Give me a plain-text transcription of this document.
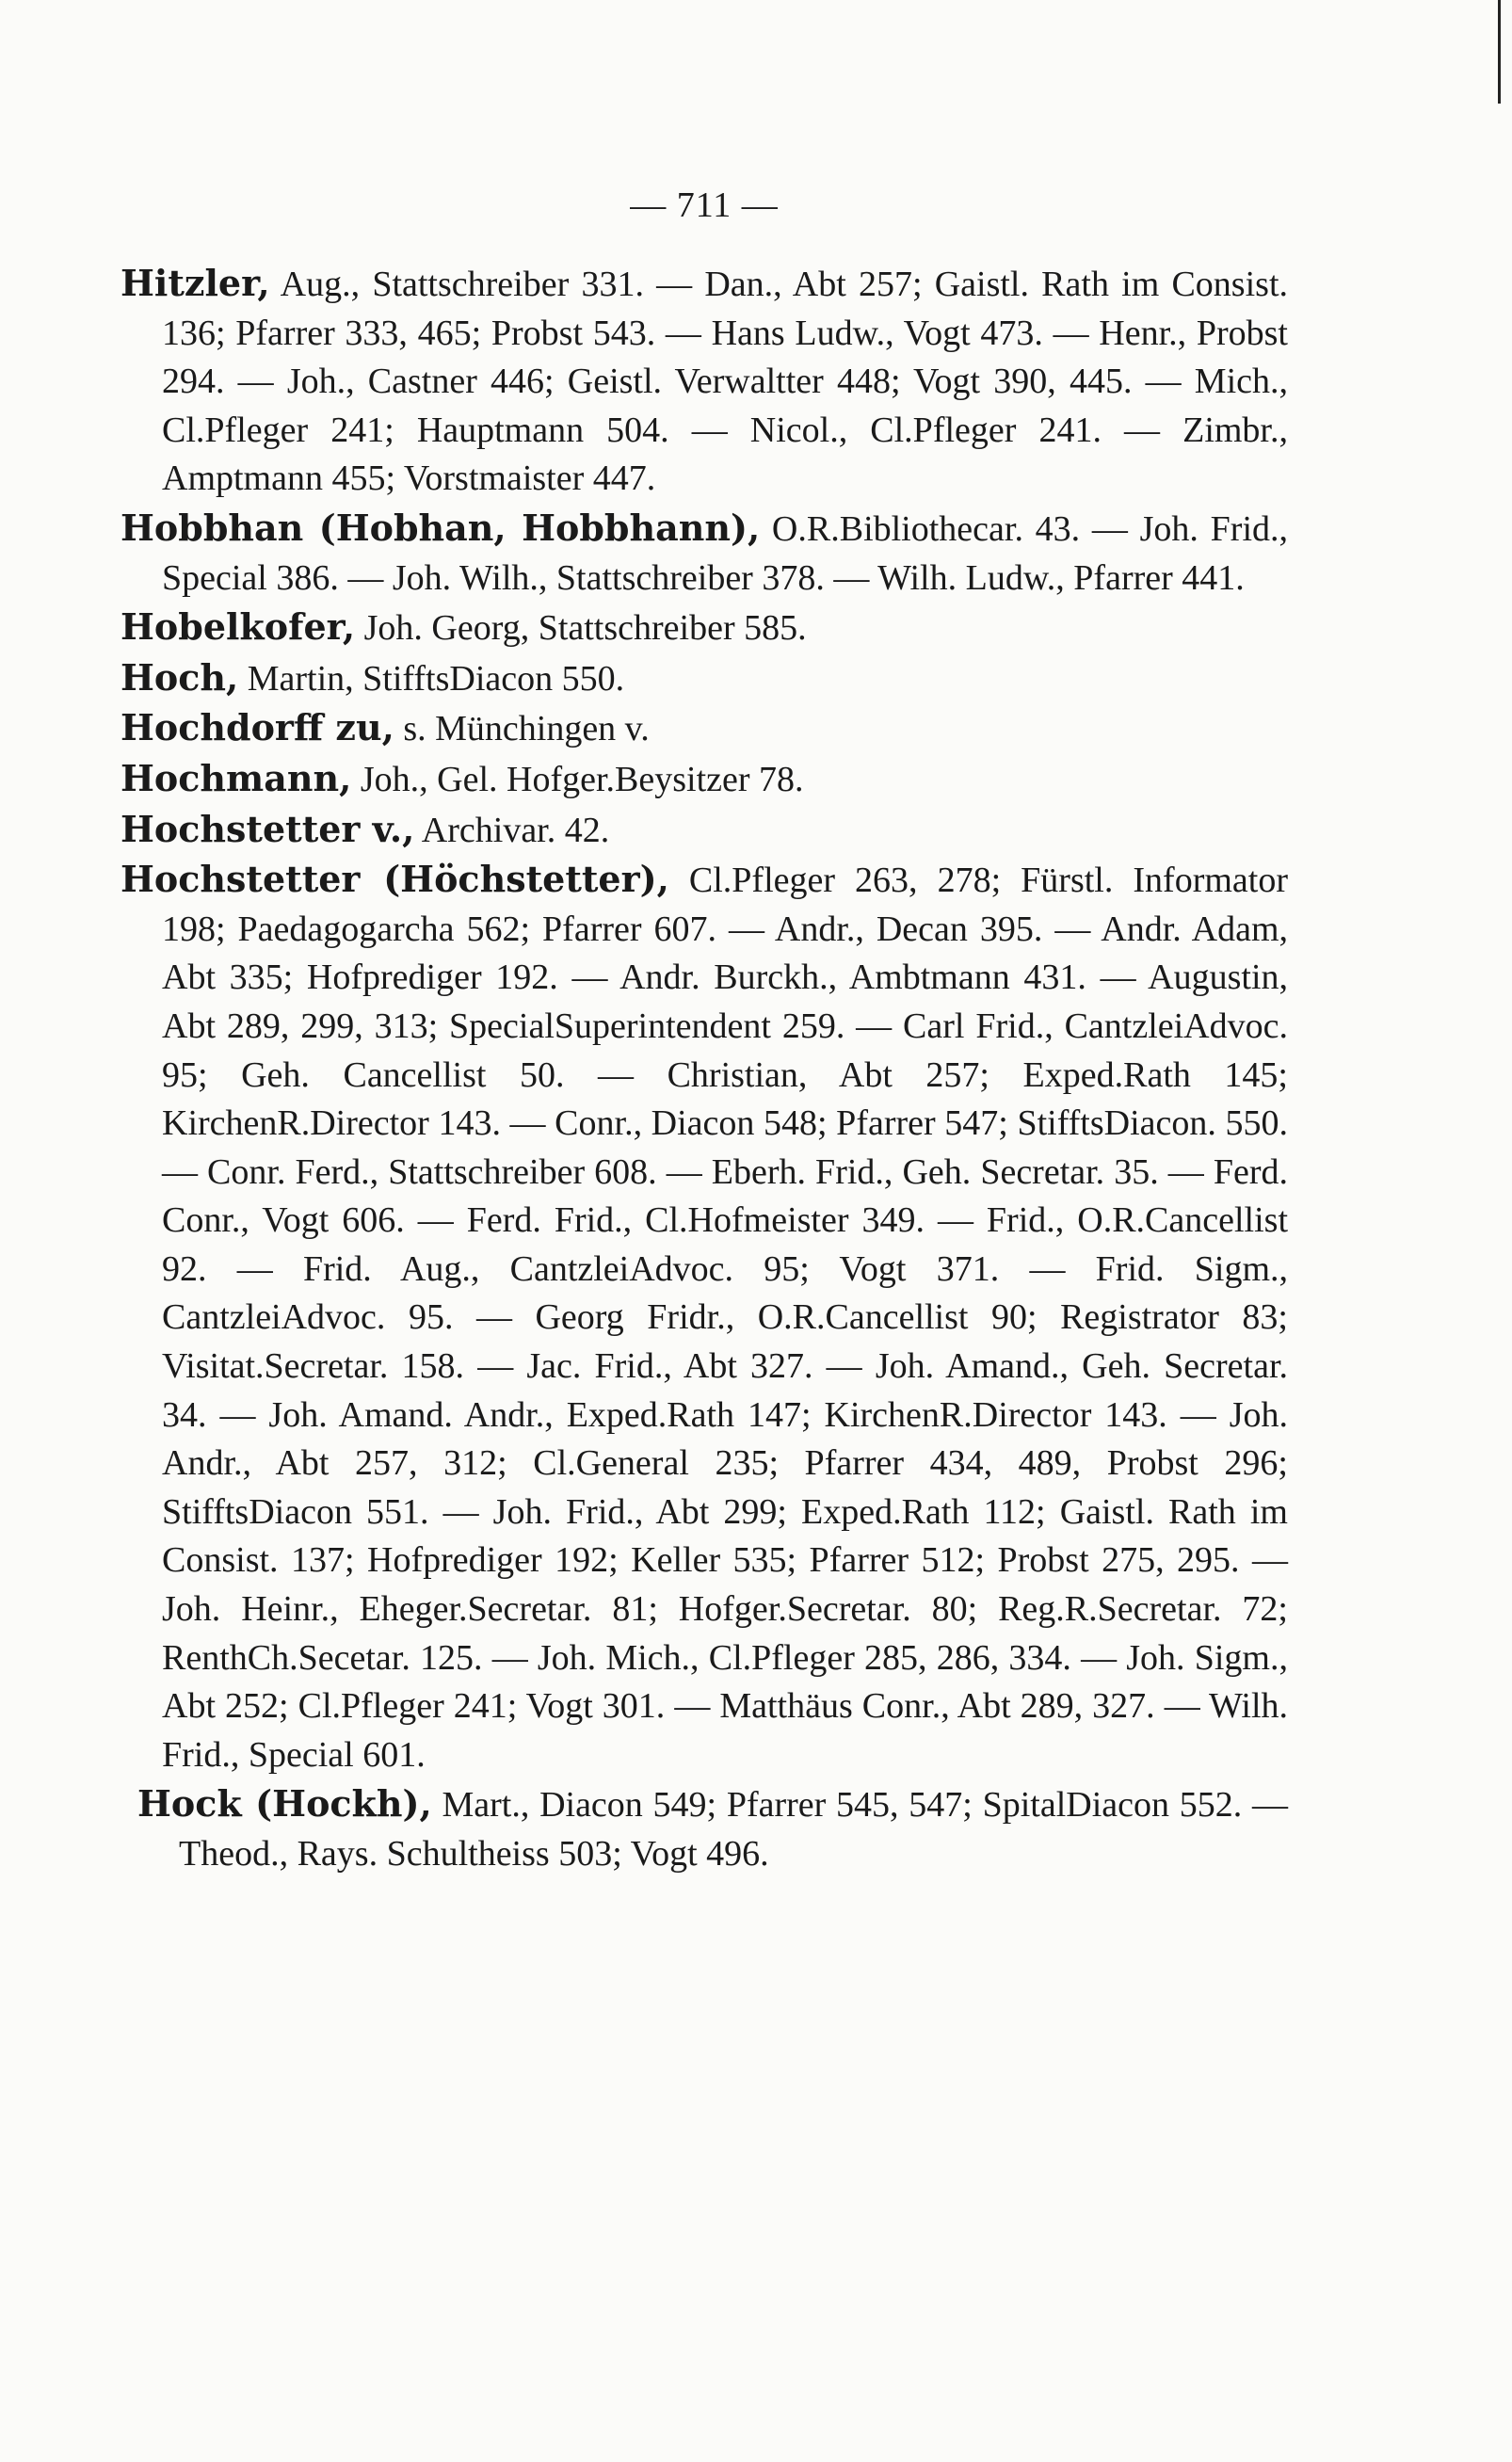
— 711 —

Hitzler, Aug., Stattschreiber 331. — Dan., Abt 257; Gaistl. Rath im Consist. 136; Pfarrer 333, 465; Probst 543. — Hans Ludw., Vogt 473. — Henr., Probst 294. — Joh., Castner 446; Geistl. Verwaltter 448; Vogt 390, 445. — Mich., Cl.Pfleger 241; Hauptmann 504. — Nicol., Cl.Pfleger 241. — Zimbr., Amptmann 455; Vorstmaister 447.

Hobbhan (Hobhan, Hobbhann), O.R.Bibliothecar. 43. — Joh. Frid., Special 386. — Joh. Wilh., Stattschreiber 378. — Wilh. Ludw., Pfarrer 441.

Hobelkofer, Joh. Georg, Stattschreiber 585.

Hoch, Martin, StifftsDiacon 550.

Hochdorff zu, s. Münchingen v.

Hochmann, Joh., Gel. Hofger.Beysitzer 78.

Hochstetter v., Archivar. 42.

Hochstetter (Höchstetter), Cl.Pfleger 263, 278; Fürstl. Informator 198; Paedagogarcha 562; Pfarrer 607. — Andr., Decan 395. — Andr. Adam, Abt 335; Hofprediger 192. — Andr. Burckh., Ambtmann 431. — Augustin, Abt 289, 299, 313; SpecialSuperintendent 259. — Carl Frid., CantzleiAdvoc. 95; Geh. Cancellist 50. — Christian, Abt 257; Exped.Rath 145; KirchenR.Director 143. — Conr., Diacon 548; Pfarrer 547; StifftsDiacon. 550. — Conr. Ferd., Stattschreiber 608. — Eberh. Frid., Geh. Secretar. 35. — Ferd. Conr., Vogt 606. — Ferd. Frid., Cl.Hofmeister 349. — Frid., O.R.Cancellist 92. — Frid. Aug., CantzleiAdvoc. 95; Vogt 371. — Frid. Sigm., CantzleiAdvoc. 95. — Georg Fridr., O.R.Cancellist 90; Registrator 83; Visitat.Secretar. 158. — Jac. Frid., Abt 327. — Joh. Amand., Geh. Secretar. 34. — Joh. Amand. Andr., Exped.Rath 147; KirchenR.Director 143. — Joh. Andr., Abt 257, 312; Cl.General 235; Pfarrer 434, 489, Probst 296; StifftsDiacon 551. — Joh. Frid., Abt 299; Exped.Rath 112; Gaistl. Rath im Consist. 137; Hofprediger 192; Keller 535; Pfarrer 512; Probst 275, 295. — Joh. Heinr., Eheger.Secretar. 81; Hofger.Secretar. 80; Reg.R.Secretar. 72; RenthCh.Secetar. 125. — Joh. Mich., Cl.Pfleger 285, 286, 334. — Joh. Sigm., Abt 252; Cl.Pfleger 241; Vogt 301. — Matthäus Conr., Abt 289, 327. — Wilh. Frid., Special 601.

Hock (Hockh), Mart., Diacon 549; Pfarrer 545, 547; SpitalDiacon 552. — Theod., Rays. Schultheiss 503; Vogt 496.
